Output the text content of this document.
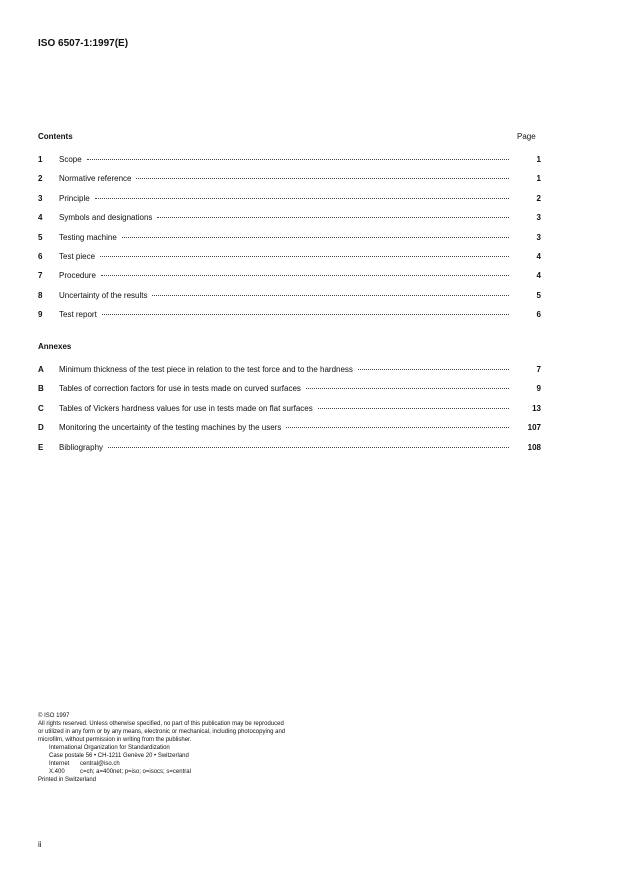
ISO 6507-1:1997(E)
Contents	Page
1	Scope	1
2	Normative reference	1
3	Principle	2
4	Symbols and designations	3
5	Testing machine	3
6	Test piece	4
7	Procedure	4
8	Uncertainty of the results	5
9	Test report	6
Annexes
A	Minimum thickness of the test piece in relation to the test force and to the hardness	7
B	Tables of correction factors for use in tests made on curved surfaces	9
C	Tables of Vickers hardness values for use in tests made on flat surfaces	13
D	Monitoring the uncertainty of the testing machines by the users	107
E	Bibliography	108
© ISO 1997
All rights reserved. Unless otherwise specified, no part of this publication may be reproduced
or utilized in any form or by any means, electronic or mechanical, including photocopying and
microfilm, without permission in writing from the publisher.
International Organization for Standardization
Case postale 56 • CH-1211 Genève 20 • Switzerland
Internet central@iso.ch
X.400	c=ch; a=400net; p=iso; o=isocs; s=central
Printed in Switzerland
ii
